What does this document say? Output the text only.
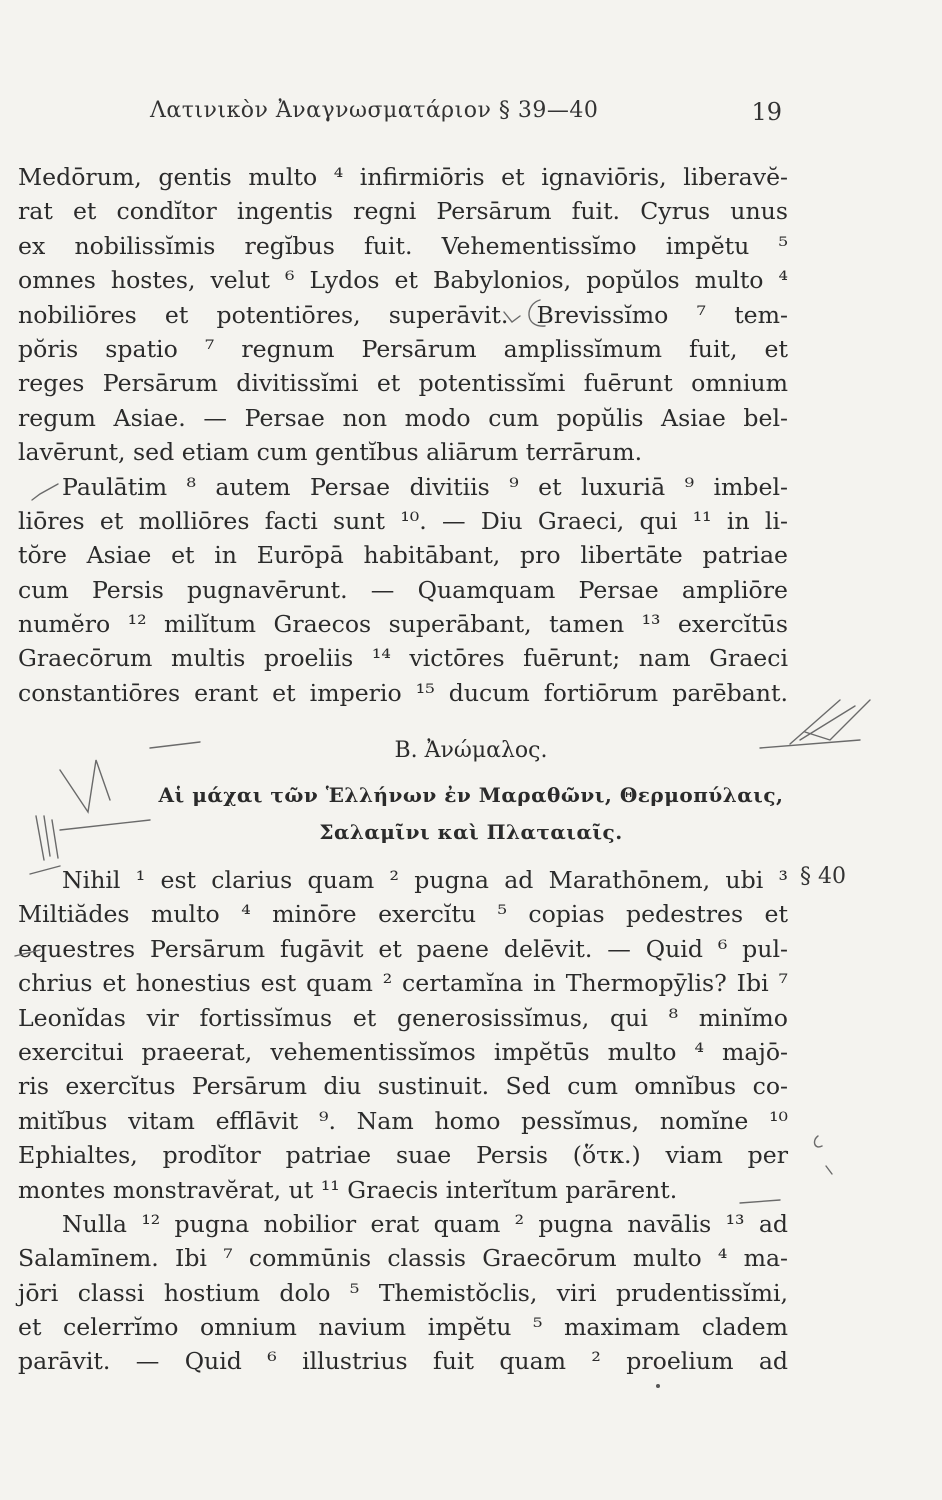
Λατινικὸν Ἀναγνωσματάριον § 39—40	19
Medōrum, gentis multo ⁴ infirmiōris et ignaviōris, liberavĕ-
rat et condĭtor ingentis regni Persārum fuit. Cyrus unus
ex nobilissĭmis regĭbus fuit. Vehementissĭmo impĕtu ⁵
omnes hostes, velut ⁶ Lydos et Babylonios, popŭlos multo ⁴
nobiliōres et potentiōres, superāvit. Brevissĭmo ⁷ tem-
pŏris spatio ⁷ regnum Persārum amplissĭmum fuit, et
reges Persārum divitissĭmi et potentissĭmi fuērunt omnium
regum Asiae. — Persae non modo cum popŭlis Asiae bel-
lavērunt, sed etiam cum gentĭbus aliārum terrārum.
Paulātim ⁸ autem Persae divitiis ⁹ et luxuriā ⁹ imbel-
liōres et molliōres facti sunt ¹⁰. — Diu Graeci, qui ¹¹ in li-
tŏre Asiae et in Eurōpā habitābant, pro libertāte patriae
cum Persis pugnavērunt. — Quamquam Persae ampliōre
numĕro ¹² milĭtum Graecos superābant, tamen ¹³ exercĭtūs
Graecōrum multis proeliis ¹⁴ victōres fuērunt; nam Graeci
constantiōres erant et imperio ¹⁵ ducum fortiōrum parēbant.
Β. Ἀνώμαλος.
Αἱ μάχαι τῶν Ἑλλήνων ἐν Μαραθῶνι, Θερμοπύλαις,
Σαλαμῖνι καὶ Πλαταιαῖς.
§ 40
Nihil ¹ est clarius quam ² pugna ad Marathōnem, ubi ³
Miltiădes multo ⁴ minōre exercĭtu ⁵ copias pedestres et
equestres Persārum fugāvit et paene delēvit. — Quid ⁶ pul-
chrius et honestius est quam ² certamĭna in Thermopȳlis? Ibi ⁷
Leonĭdas vir fortissĭmus et generosissĭmus, qui ⁸ minĭmo
exercitui praeerat, vehementissĭmos impĕtūs multo ⁴ majō-
ris exercĭtus Persārum diu sustinuit. Sed cum omnĭbus co-
mitĭbus vitam efflāvit ⁹. Nam homo pessĭmus, nomĭne ¹⁰
Ephialtes, prodĭtor patriae suae Persis (ὅτκ.) viam per
montes monstravĕrat, ut ¹¹ Graecis interĭtum parārent.
Nulla ¹² pugna nobilior erat quam ² pugna navālis ¹³ ad
Salamīnem. Ibi ⁷ commūnis classis Graecōrum multo ⁴ ma-
jōri classi hostium dolo ⁵ Themistŏclis, viri prudentissĭmi,
et celerrĭmo omnium navium impĕtu ⁵ maximam cladem
parāvit. — Quid ⁶ illustrius fuit quam ² proelium ad
